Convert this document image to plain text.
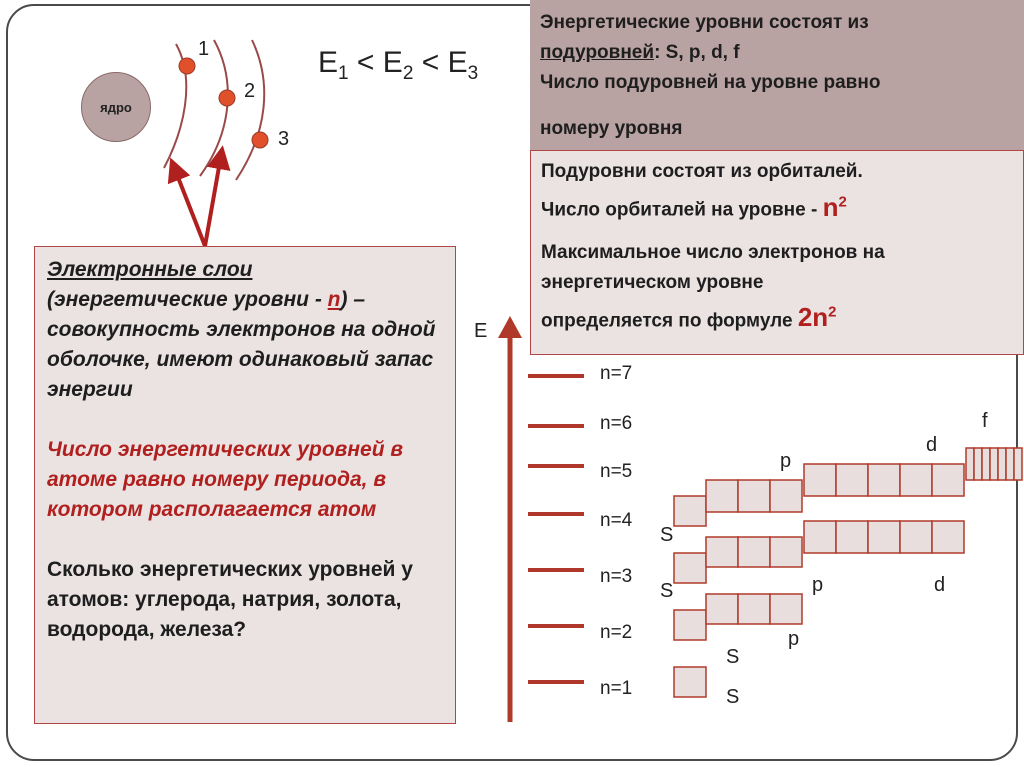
ядро
1
2
3
$E_1 < E_2 < E_3$

Электронные слои

(энергетические уровни - n) – совокупность электронов на одной оболочке, имеют одинаковый запас энергии

Число энергетических уровней в атоме равно номеру периода, в котором располагается атом

Сколько энергетических уровней у атомов: углерода, натрия, золота, водорода, железа?

Энергетические уровни состоят из
подуровней: S, p, d, f
Число подуровней на уровне равно
номеру уровня
Подуровни состоят из орбиталей.
Число орбиталей на уровне - $n^2$
Максимальное число электронов на энергетическом уровне
определяется по формуле $2n^2$
E
n=7
n=6
n=5
n=4
n=3
n=2
n=1	S
S
p
S	p	d
S
p
d
f
